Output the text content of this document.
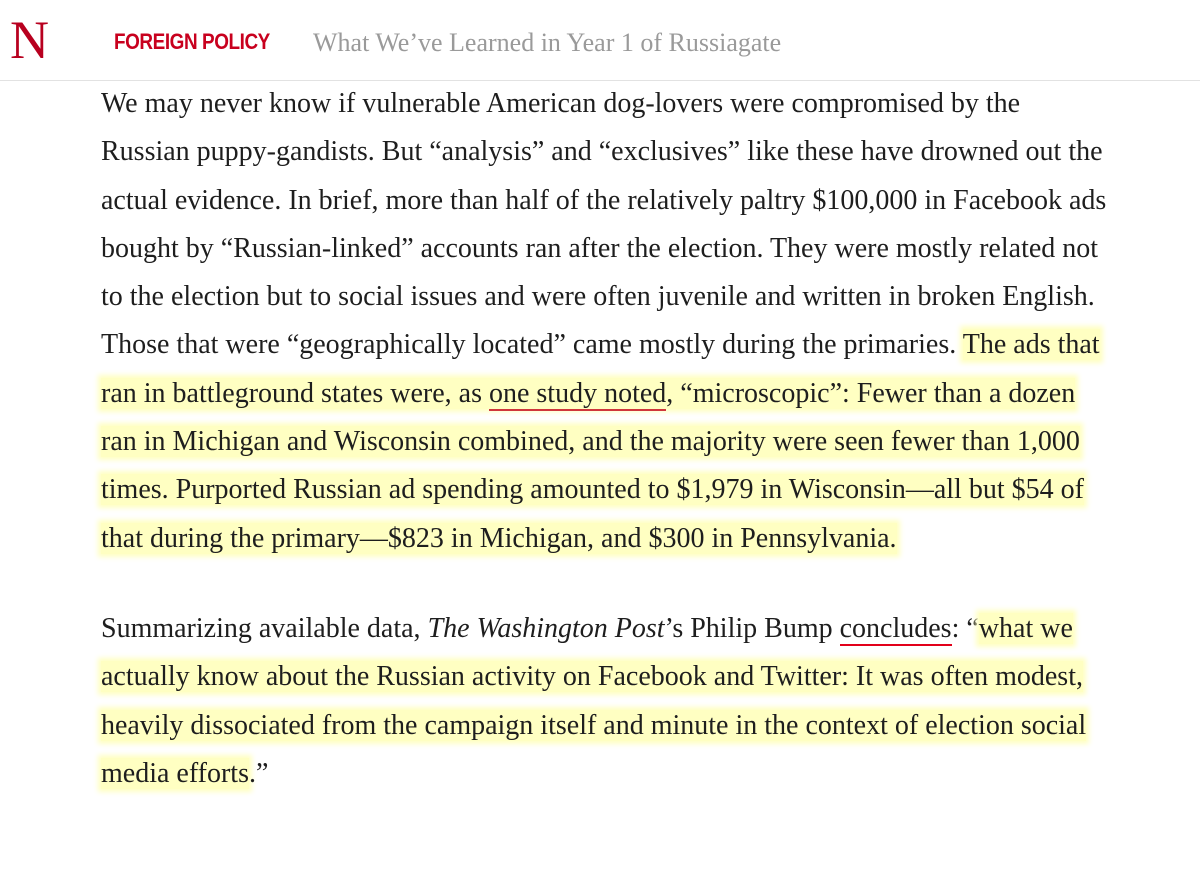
N	FOREIGN POLICY What We’ve Learned in Year 1 of Russiagate

We may never know if vulnerable American dog-lovers were compromised by the Russian puppy-gandists. But “analysis” and “exclusives” like these have drowned out the actual evidence. In brief, more than half of the relatively paltry $100,000 in Facebook ads bought by “Russian-linked” accounts ran after the election. They were mostly related not to the election but to social issues and were often juvenile and written in broken English. Those that were “geographically located” came mostly during the primaries. The ads that ran in battleground states were, as one study noted, “microscopic”: Fewer than a dozen ran in Michigan and Wisconsin combined, and the majority were seen fewer than 1,000 times. Purported Russian ad spending amounted to $1,979 in Wisconsin—all but $54 of that during the primary—$823 in Michigan, and $300 in Pennsylvania.

Summarizing available data, The Washington Post’s Philip Bump concludes: “what we actually know about the Russian activity on Facebook and Twitter: It was often modest, heavily dissociated from the campaign itself and minute in the context of election social media efforts.”
